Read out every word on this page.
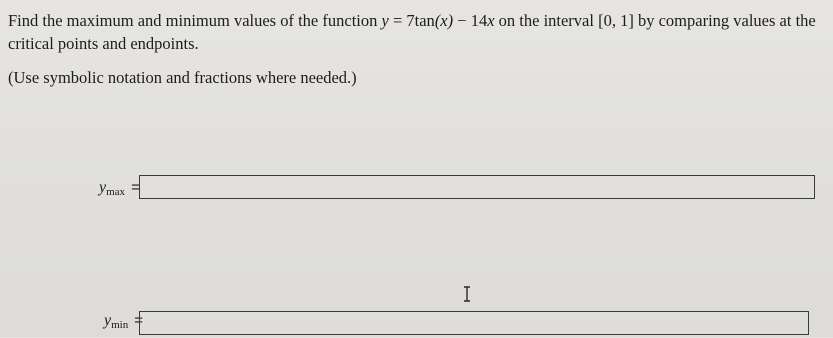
Find the maximum and minimum values of the function y = 7tan(x) − 14x on the interval [0, 1] by comparing values at the critical points and endpoints.
(Use symbolic notation and fractions where needed.)
$y_{max}$ =
$y_{min}$ =
